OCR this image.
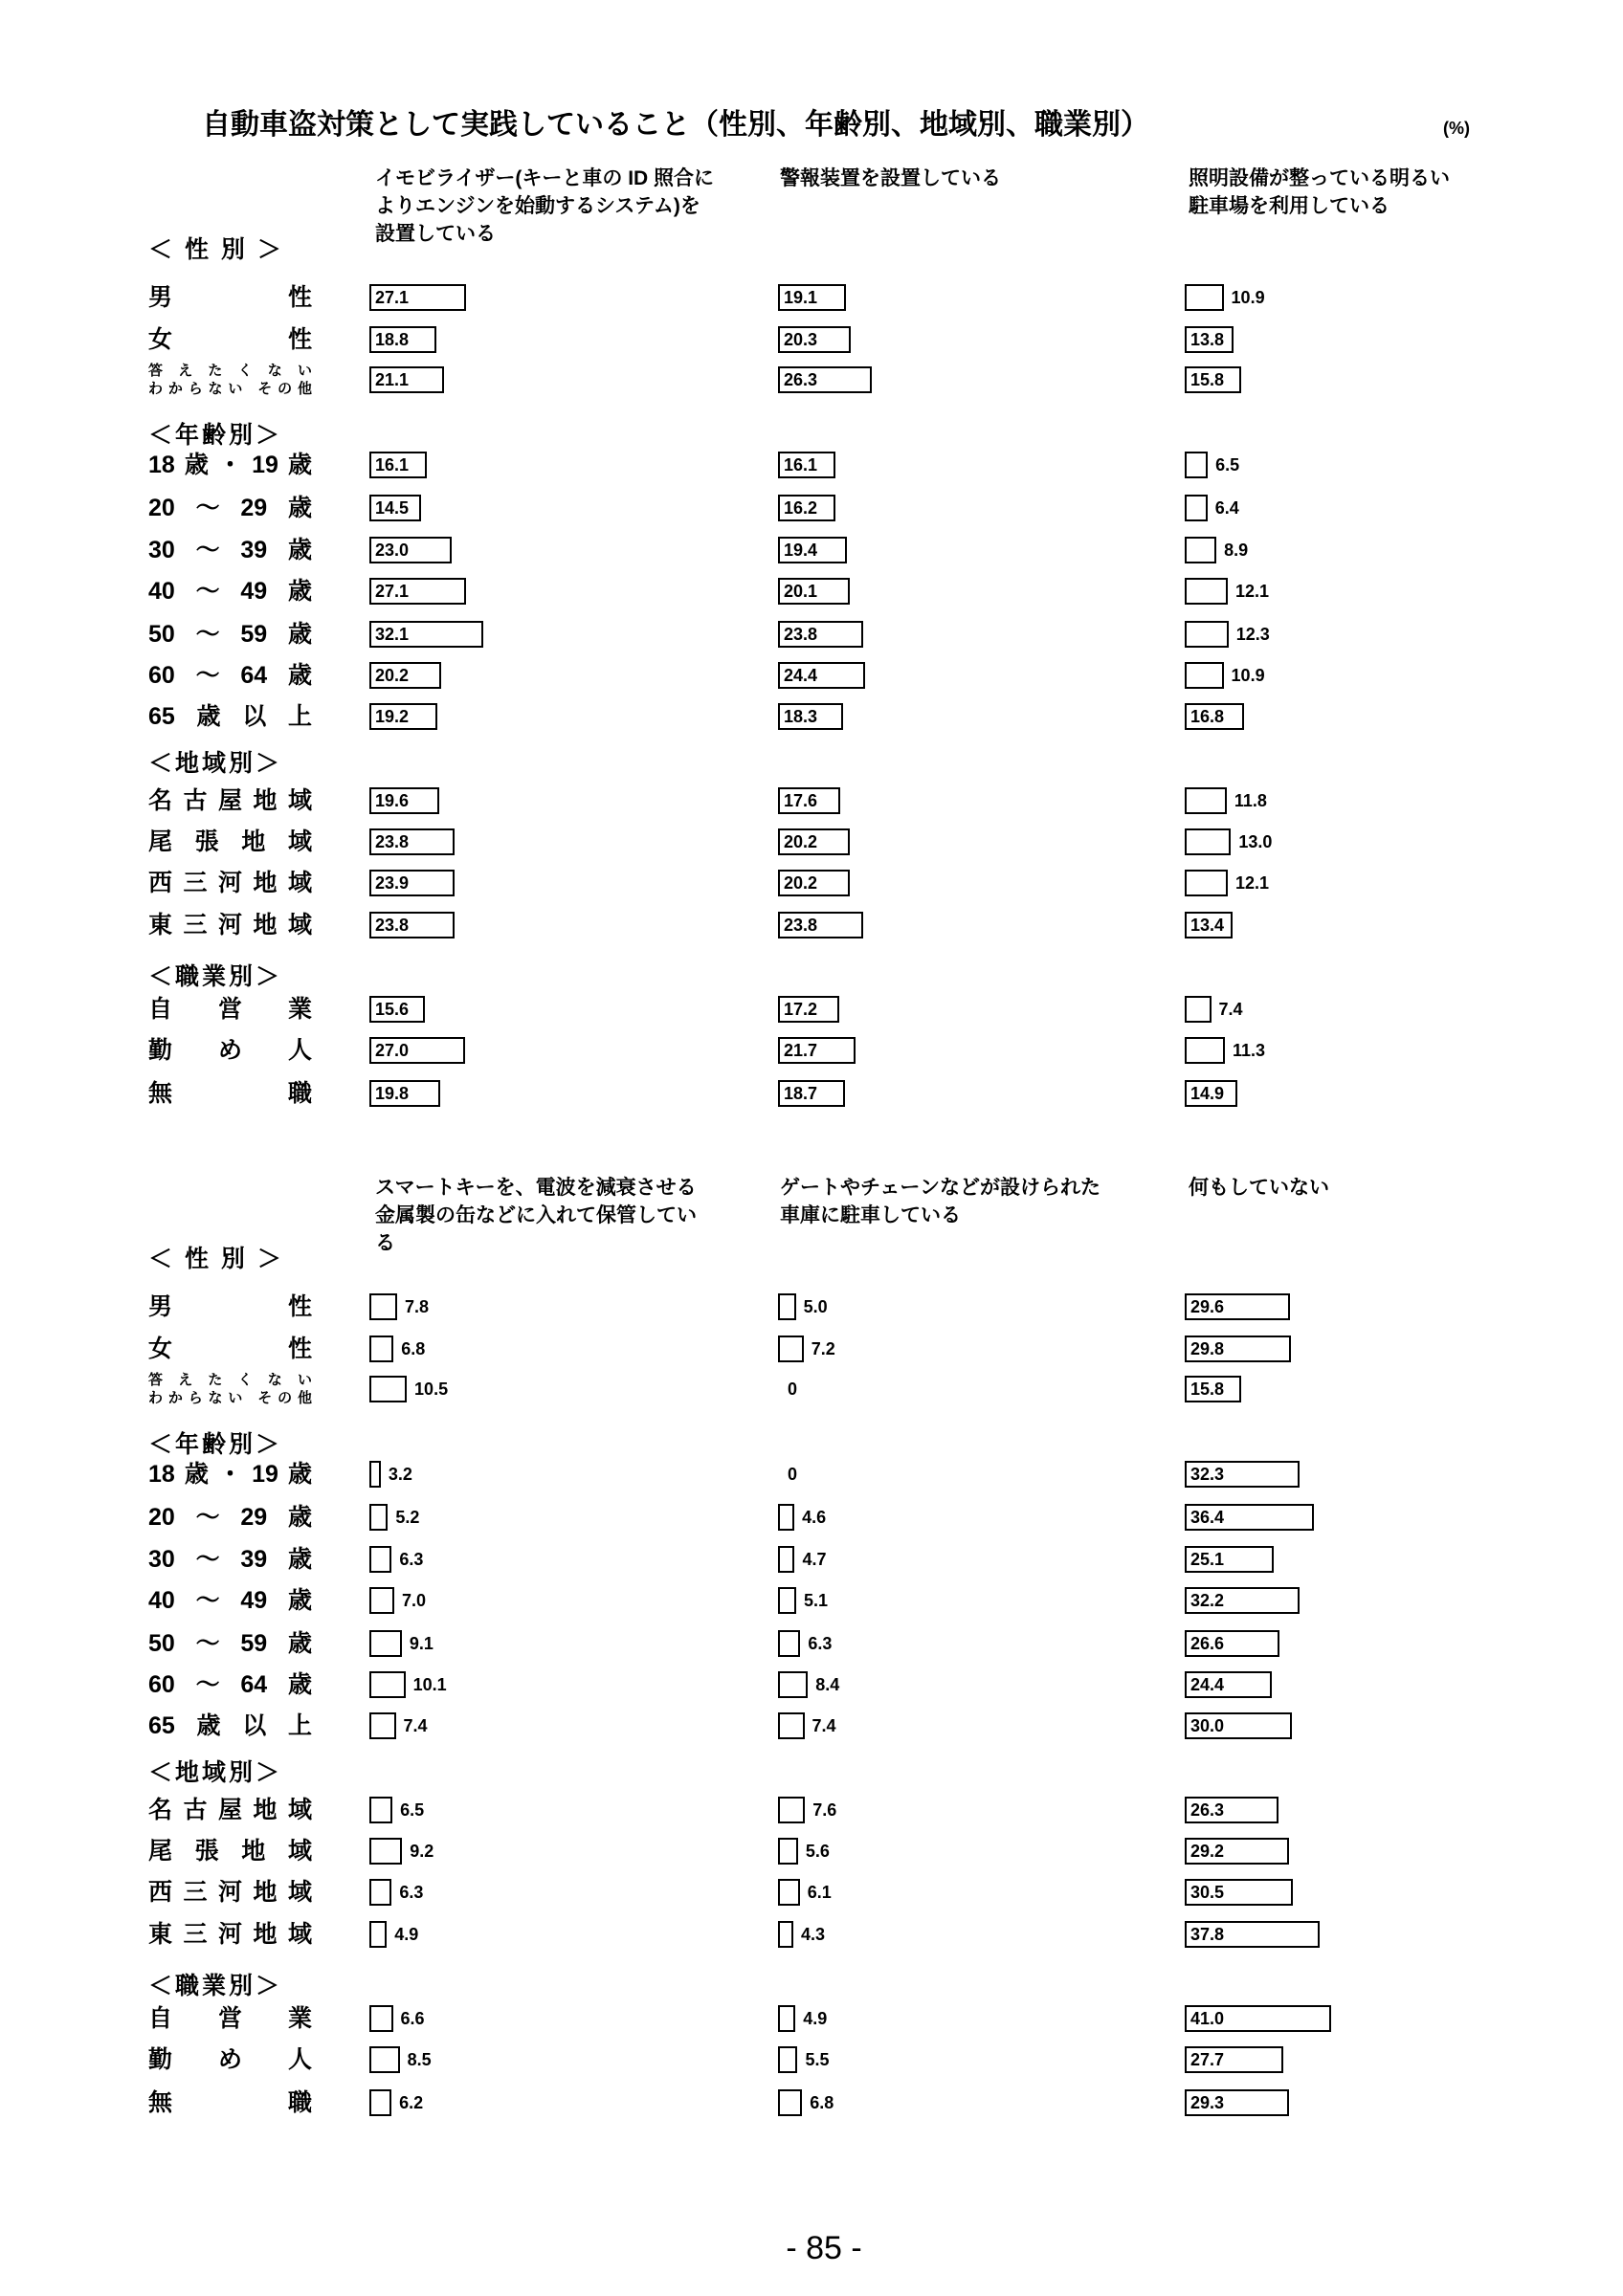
自動車盗対策として実践していること（性別、年齢別、地域別、職業別）	(%)
- 85 -
イモビライザー(キーと車の ID 照合に
よりエンジンを始動するシステム)を
設置している
警報装置を設置している	照明設備が整っている明るい
駐車場を利用している
＜ 性 別 ＞
男性	27.1	19.1	10.9
女性	18.8	20.3	13.8
答えたくない
わからない その他	21.1	26.3	15.8
＜年齢別＞
18歳・19歳	16.1	16.1	6.5
20～29歳	14.5	16.2	6.4
30～39歳	23.0	19.4	8.9
40～49歳	27.1	20.1	12.1
50～59歳	32.1	23.8	12.3
60～64歳	20.2	24.4	10.9
65歳以上	19.2	18.3	16.8
＜地域別＞
名古屋地域	19.6	17.6	11.8
尾張地域	23.8	20.2	13.0
西三河地域	23.9	20.2	12.1
東三河地域	23.8	23.8	13.4
＜職業別＞
自営業	15.6	17.2	7.4
勤め人	27.0	21.7	11.3
無職	19.8	18.7	14.9
スマートキーを、電波を減衰させる
金属製の缶などに入れて保管してい
る
ゲートやチェーンなどが設けられた
車庫に駐車している
何もしていない
＜ 性 別 ＞
男性	7.8	5.0	29.6
女性	6.8	7.2	29.8
答えたくない
わからない その他	10.5	0	15.8
＜年齢別＞
18歳・19歳	3.2	0	32.3
20～29歳	5.2	4.6	36.4
30～39歳	6.3	4.7	25.1
40～49歳	7.0	5.1	32.2
50～59歳	9.1	6.3	26.6
60～64歳	10.1	8.4	24.4
65歳以上	7.4	7.4	30.0
＜地域別＞
名古屋地域	6.5	7.6	26.3
尾張地域	9.2	5.6	29.2
西三河地域	6.3	6.1	30.5
東三河地域	4.9	4.3	37.8
＜職業別＞
自営業	6.6	4.9	41.0
勤め人	8.5	5.5	27.7
無職	6.2	6.8	29.3
